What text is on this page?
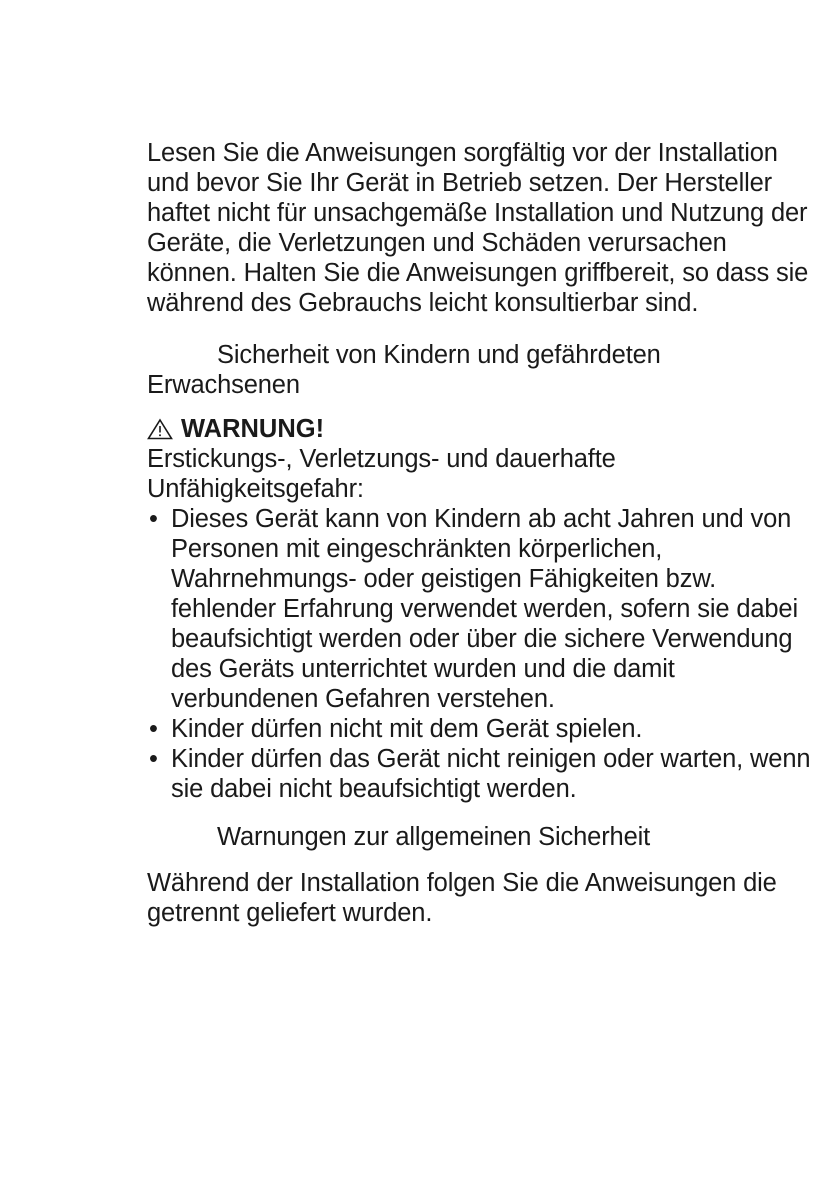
Lesen Sie die Anweisungen sorgfältig vor der Installation und bevor Sie Ihr Gerät in Betrieb setzen. Der Hersteller haftet nicht für unsachgemäße Installation und Nutzung der Geräte, die Verletzungen und Schäden verursachen können. Halten Sie die Anweisungen griffbereit, so dass sie während des Gebrauchs leicht konsultierbar sind.

Sicherheit von Kindern und gefährdeten Erwachsenen

WARNUNG!

Erstickungs-, Verletzungs- und dauerhafte Unfähigkeitsgefahr:

• Dieses Gerät kann von Kindern ab acht Jahren und von Personen mit eingeschränkten körperlichen, Wahrnehmungs- oder geistigen Fähigkeiten bzw. fehlender Erfahrung verwendet werden, sofern sie dabei beaufsichtigt werden oder über die sichere Verwendung des Geräts unterrichtet wurden und die damit verbundenen Gefahren verstehen.
• Kinder dürfen nicht mit dem Gerät spielen.
• Kinder dürfen das Gerät nicht reinigen oder warten, wenn sie dabei nicht beaufsichtigt werden.

Warnungen zur allgemeinen Sicherheit

Während der Installation folgen Sie die Anweisungen die getrennt geliefert wurden.
